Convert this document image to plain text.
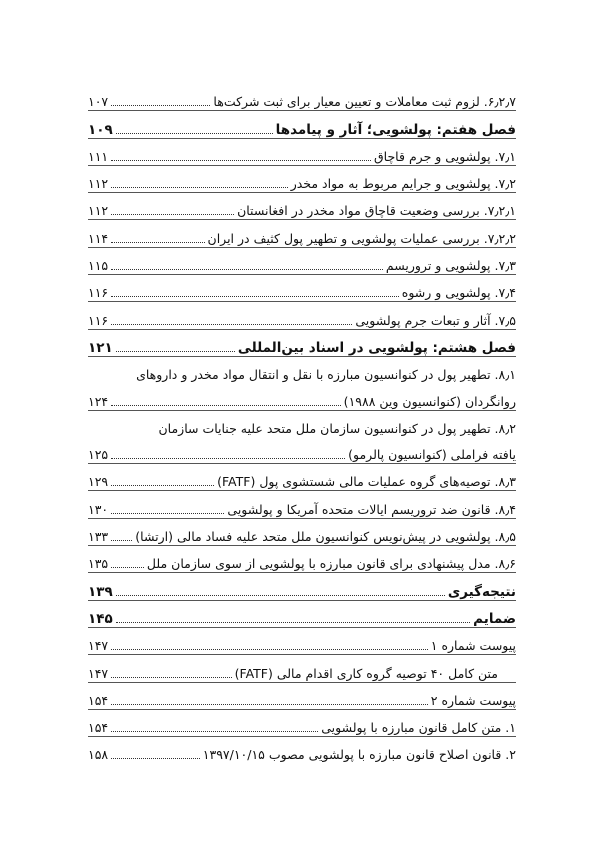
۶٫۲٫۷. لزوم ثبت معاملات و تعیین معیار برای ثبت شرکت‌ها
۱۰۷
فصل هفتم: پولشویی؛ آثار و پیامدها
۱۰۹
۷٫۱. پولشویی و جرم قاچاق
۱۱۱
۷٫۲. پولشویی و جرایم مربوط به مواد مخدر
۱۱۲
۷٫۲٫۱. بررسی وضعیت قاچاق مواد مخدر در افغانستان
۱۱۲
۷٫۲٫۲. بررسی عملیات پولشویی و تطهیر پول کثیف در ایران
۱۱۴
۷٫۳. پولشویی و تروریسم
۱۱۵
۷٫۴. پولشویی و رشوه
۱۱۶
۷٫۵. آثار و تبعات جرم پولشویی
۱۱۶
فصل هشتم: پولشویی در اسناد بین‌المللی
۱۲۱
۸٫۱. تطهیر پول در کنوانسیون مبارزه با نقل و انتقال مواد مخدر و داروهای
روانگردان (کنوانسیون وین ۱۹۸۸)
۱۲۴
۸٫۲. تطهیر پول در کنوانسیون سازمان ملل متحد علیه جنایات سازمان
یافته فراملی (کنوانسیون پالرمو)
۱۲۵
۸٫۳. توصیه‌های گروه عملیات مالی شستشوی پول (FATF)
۱۲۹
۸٫۴. قانون ضد تروریسم ایالات متحده آمریکا و پولشویی
۱۳۰
۸٫۵. پولشویی در پیش‌نویس کنوانسیون ملل متحد علیه فساد مالی (ارتشا)
۱۳۳
۸٫۶. مدل پیشنهادی برای قانون مبارزه با پولشویی از سوی سازمان ملل
۱۳۵
نتیجه‌گیری
۱۳۹
ضمایم
۱۴۵
پیوست شماره ۱
۱۴۷
متن کامل ۴۰ توصیه گروه کاری اقدام مالی (FATF)
۱۴۷
پیوست شماره ۲
۱۵۴
۱. متن کامل قانون مبارزه با پولشویی
۱۵۴
۲. قانون اصلاح قانون مبارزه با پولشویی مصوب ۱۳۹۷/۱۰/۱۵
۱۵۸
